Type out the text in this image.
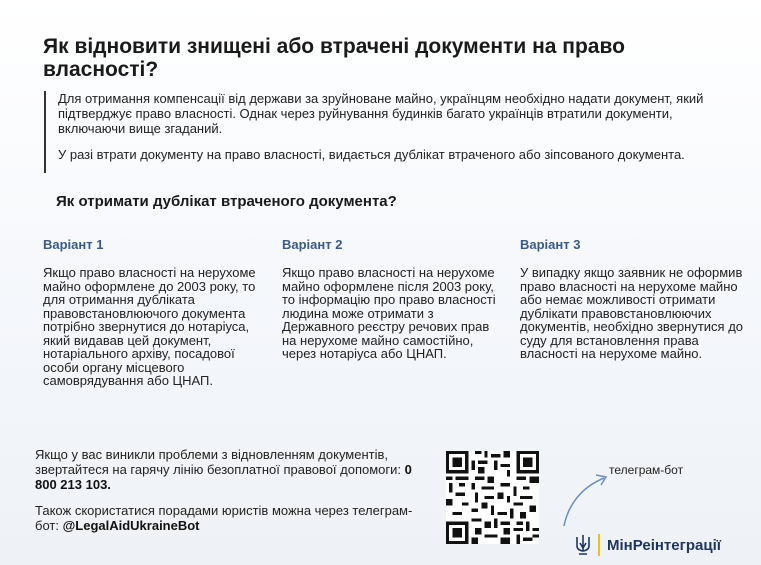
Як відновити знищені або втрачені документи на право власності?

Для отримання компенсації від держави за зруйноване майно, українцям необхідно надати документ, який підтверджує право власності. Однак через руйнування будинків багато українців втратили документи, включаючи вище згаданий.

У разі втрати документу на право власності, видається дублікат втраченого або зіпсованого документа.

Як отримати дублікат втраченого документа?
Варіант 1
Якщо право власності на нерухоме майно оформлене до 2003 року, то для отримання дубліката правовстановлюючого документа потрібно звернутися до нотаріуса, який видавав цей документ, нотаріального архіву, посадової особи органу місцевого самоврядування або ЦНАП.
Варіант 2
Якщо право власності на нерухоме майно оформлене після 2003 року, то інформацію про право власності людина може отримати з Державного реєстру речових прав на нерухоме майно самостійно, через нотаріуса або ЦНАП.
Варіант 3
У випадку якщо заявник не оформив право власності на нерухоме майно або немає можливості отримати дублікати правовстановлюючих документів, необхідно звернутися до суду для встановлення права власності на нерухоме майно.

Якщо у вас виникли проблеми з відновленням документів, звертайтеся на гарячу лінію безоплатної правової допомоги: 0 800 213 103.

Також скористатися порадами юристів можна через телеграм-бот: @LegalAidUkraineBot

телеграм-бот
МінРеінтеграції
